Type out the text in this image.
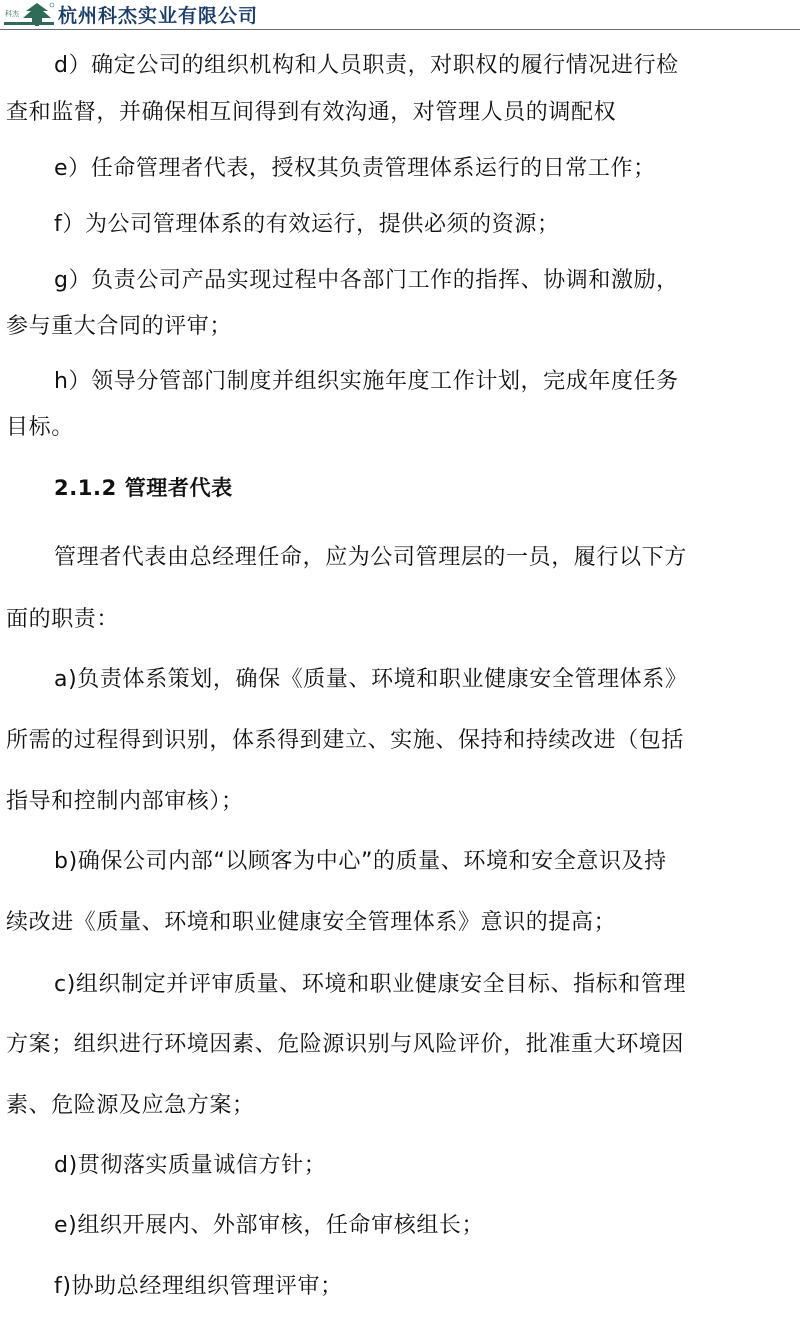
科杰 杭州科杰实业有限公司
d）确定公司的组织机构和人员职责，对职权的履行情况进行检
查和监督，并确保相互间得到有效沟通，对管理人员的调配权
e）任命管理者代表，授权其负责管理体系运行的日常工作；
f）为公司管理体系的有效运行，提供必须的资源；
g）负责公司产品实现过程中各部门工作的指挥、协调和激励，
参与重大合同的评审；
h）领导分管部门制度并组织实施年度工作计划，完成年度任务
目标。
2.1.2 管理者代表
管理者代表由总经理任命，应为公司管理层的一员，履行以下方
面的职责：
a)负责体系策划，确保《质量、环境和职业健康安全管理体系》
所需的过程得到识别，体系得到建立、实施、保持和持续改进（包括
指导和控制内部审核）；
b)确保公司内部“以顾客为中心”的质量、环境和安全意识及持
续改进《质量、环境和职业健康安全管理体系》意识的提高；
c)组织制定并评审质量、环境和职业健康安全目标、指标和管理
方案；组织进行环境因素、危险源识别与风险评价，批准重大环境因
素、危险源及应急方案；
d)贯彻落实质量诚信方针；
e)组织开展内、外部审核，任命审核组长；
f)协助总经理组织管理评审；
